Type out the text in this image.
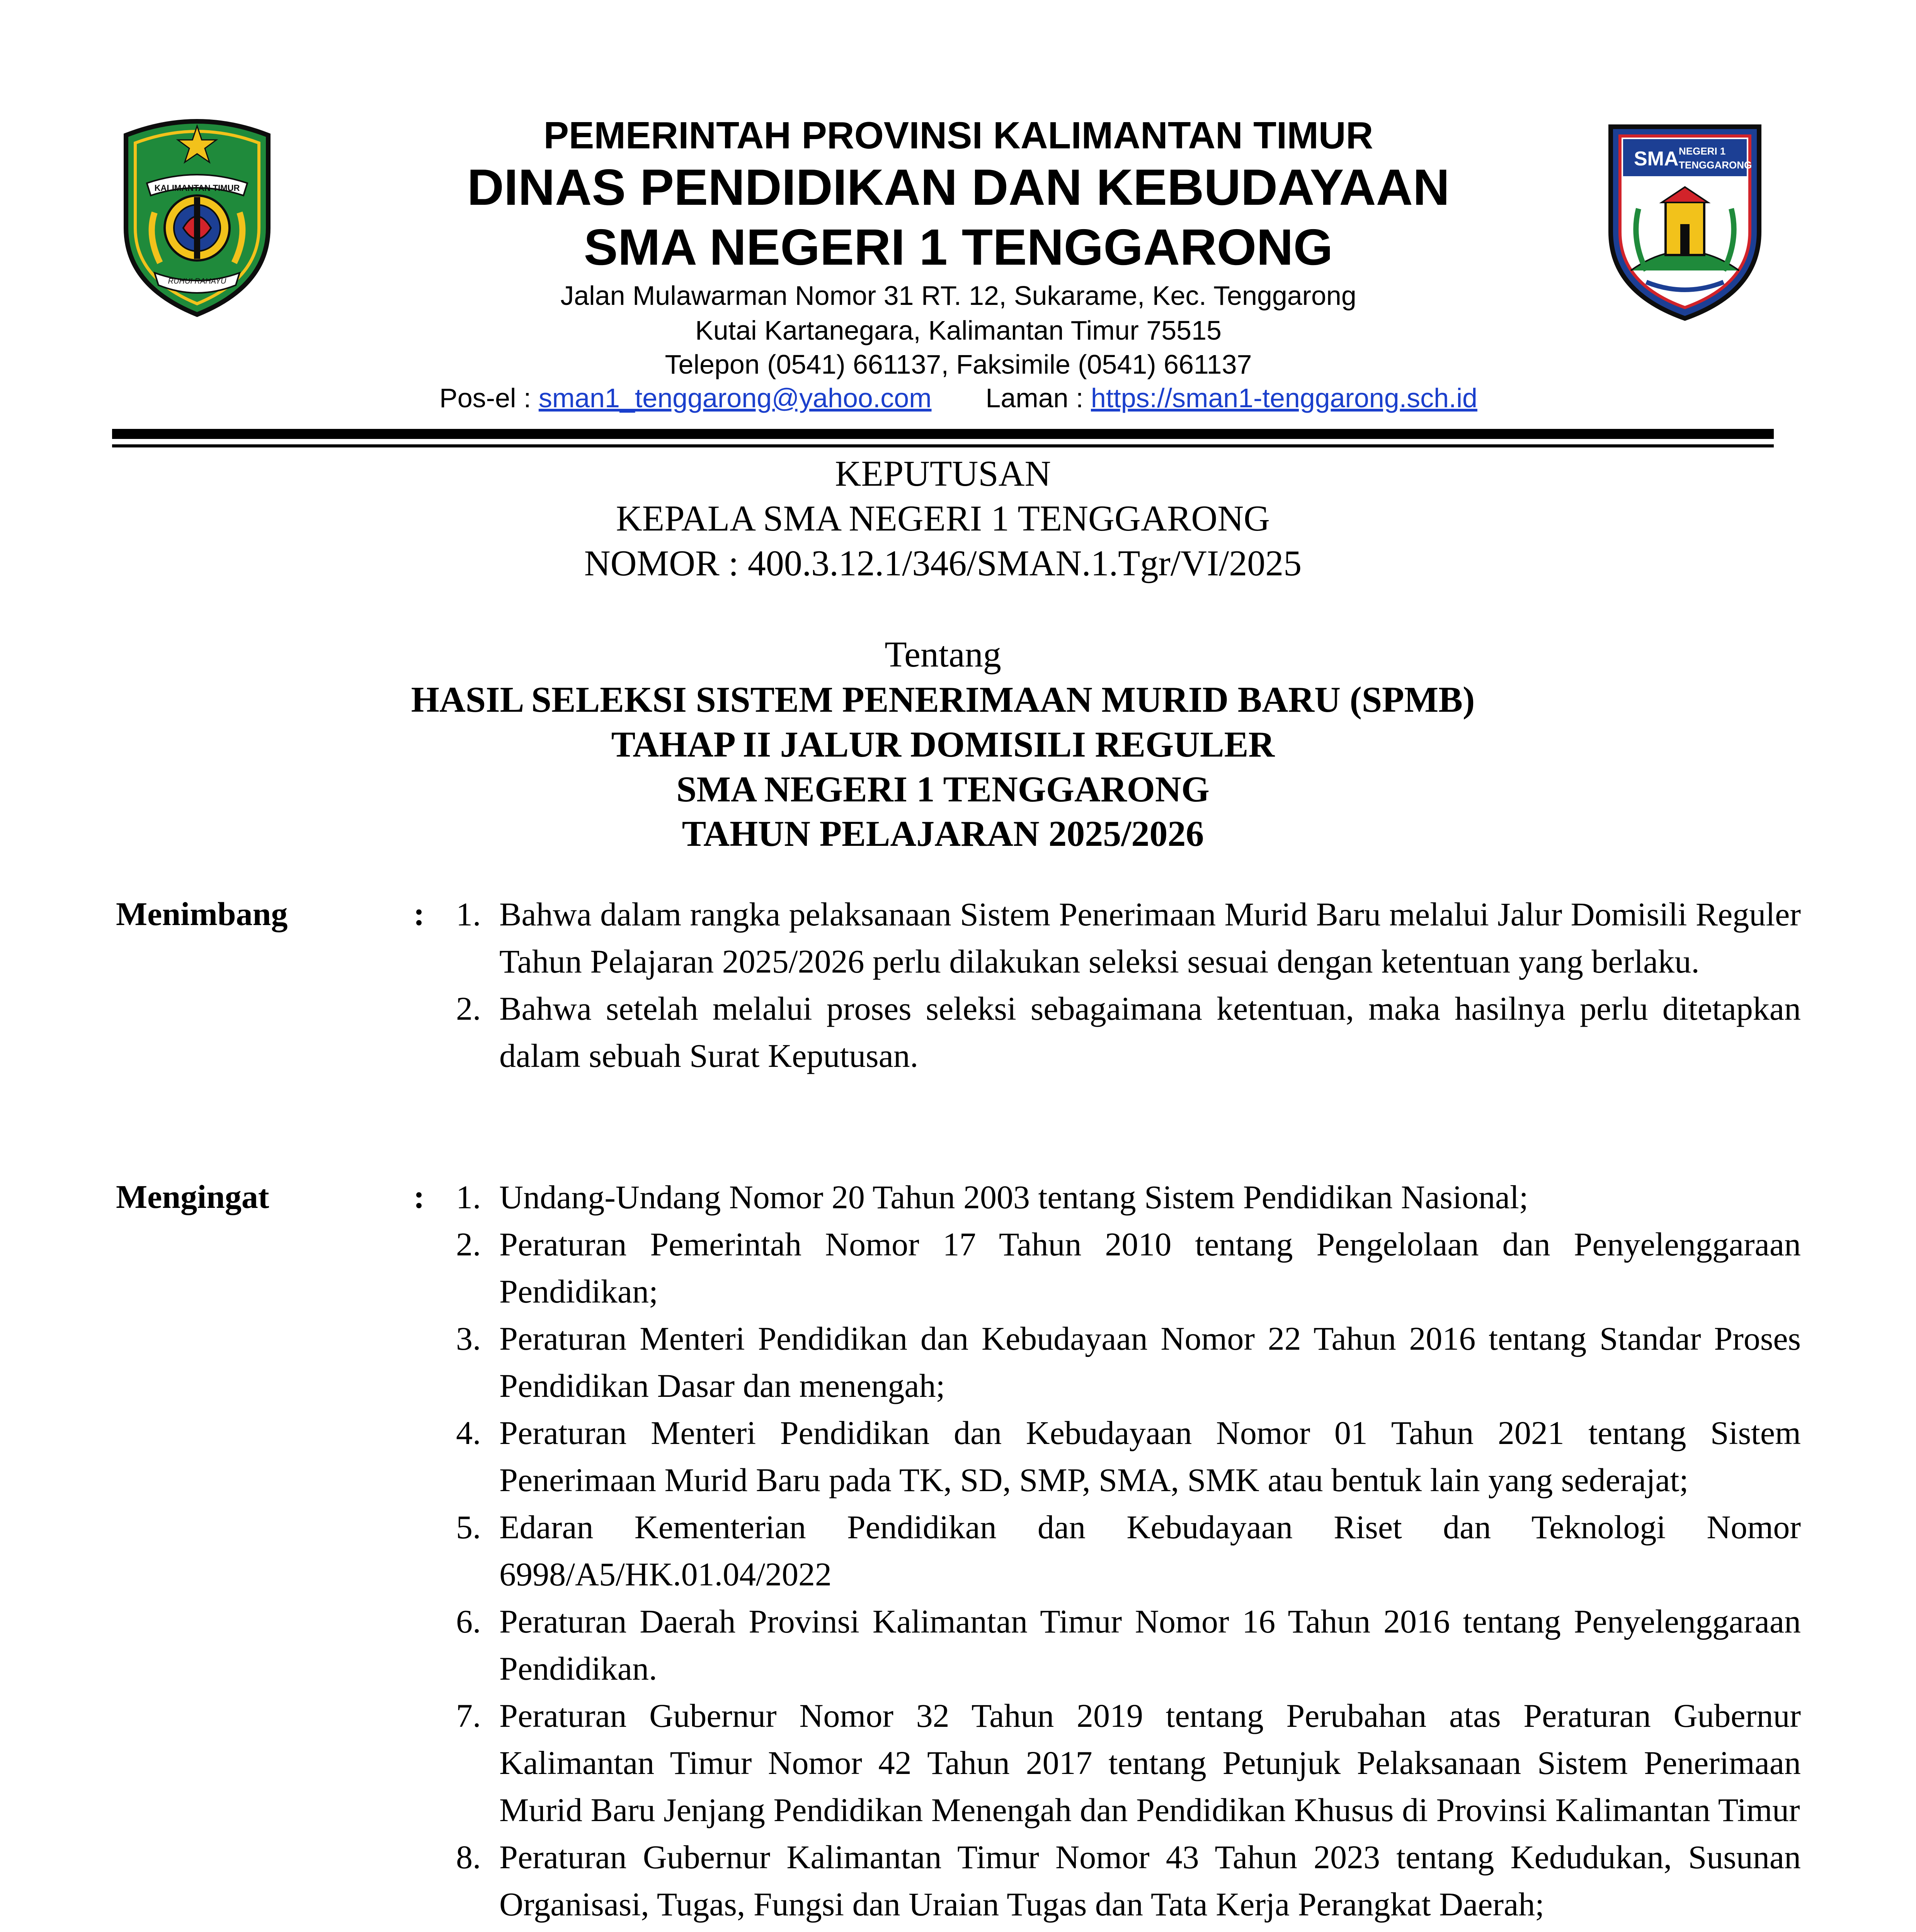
KALIMANTAN TIMUR
RUHUI RAHAYU
SMA NEGERI 1
TENGGARONG
PEMERINTAH PROVINSI KALIMANTAN TIMUR
DINAS PENDIDIKAN DAN KEBUDAYAAN
SMA NEGERI 1 TENGGARONG
Jalan Mulawarman Nomor 31 RT. 12, Sukarame, Kec. Tenggarong
Kutai Kartanegara, Kalimantan Timur 75515
Telepon (0541) 661137, Faksimile (0541) 661137
Pos-el : sman1_tenggarong@yahoo.com Laman : https://sman1-tenggarong.sch.id
KEPUTUSAN
KEPALA SMA NEGERI 1 TENGGARONG
NOMOR : 400.3.12.1/346/SMAN.1.Tgr/VI/2025
Tentang
HASIL SELEKSI SISTEM PENERIMAAN MURID BARU (SPMB)
TAHAP II JALUR DOMISILI REGULER
SMA NEGERI 1 TENGGARONG
TAHUN PELAJARAN 2025/2026
Menimbang	: 1. Bahwa dalam rangka pelaksanaan Sistem Penerimaan Murid Baru melalui Jalur Domisili Reguler Tahun Pelajaran 2025/2026 perlu dilakukan seleksi sesuai dengan ketentuan yang berlaku.
2. Bahwa setelah melalui proses seleksi sebagaimana ketentuan, maka hasilnya perlu ditetapkan dalam sebuah Surat Keputusan.
Mengingat	: 1. Undang-Undang Nomor 20 Tahun 2003 tentang Sistem Pendidikan Nasional;
2. Peraturan Pemerintah Nomor 17 Tahun 2010 tentang Pengelolaan dan Penyelenggaraan Pendidikan;
3. Peraturan Menteri Pendidikan dan Kebudayaan Nomor 22 Tahun 2016 tentang Standar Proses Pendidikan Dasar dan menengah;
4. Peraturan Menteri Pendidikan dan Kebudayaan Nomor 01 Tahun 2021 tentang Sistem Penerimaan Murid Baru pada TK, SD, SMP, SMA, SMK atau bentuk lain yang sederajat;
5. Edaran Kementerian Pendidikan dan Kebudayaan Riset dan Teknologi Nomor 6998/A5/HK.01.04/2022
6. Peraturan Daerah Provinsi Kalimantan Timur Nomor 16 Tahun 2016 tentang Penyelenggaraan Pendidikan.
7. Peraturan Gubernur Nomor 32 Tahun 2019 tentang Perubahan atas Peraturan Gubernur Kalimantan Timur Nomor 42 Tahun 2017 tentang Petunjuk Pelaksanaan Sistem Penerimaan Murid Baru Jenjang Pendidikan Menengah dan Pendidikan Khusus di Provinsi Kalimantan Timur
8. Peraturan Gubernur Kalimantan Timur Nomor 43 Tahun 2023 tentang Kedudukan, Susunan Organisasi, Tugas, Fungsi dan Uraian Tugas dan Tata Kerja Perangkat Daerah;
